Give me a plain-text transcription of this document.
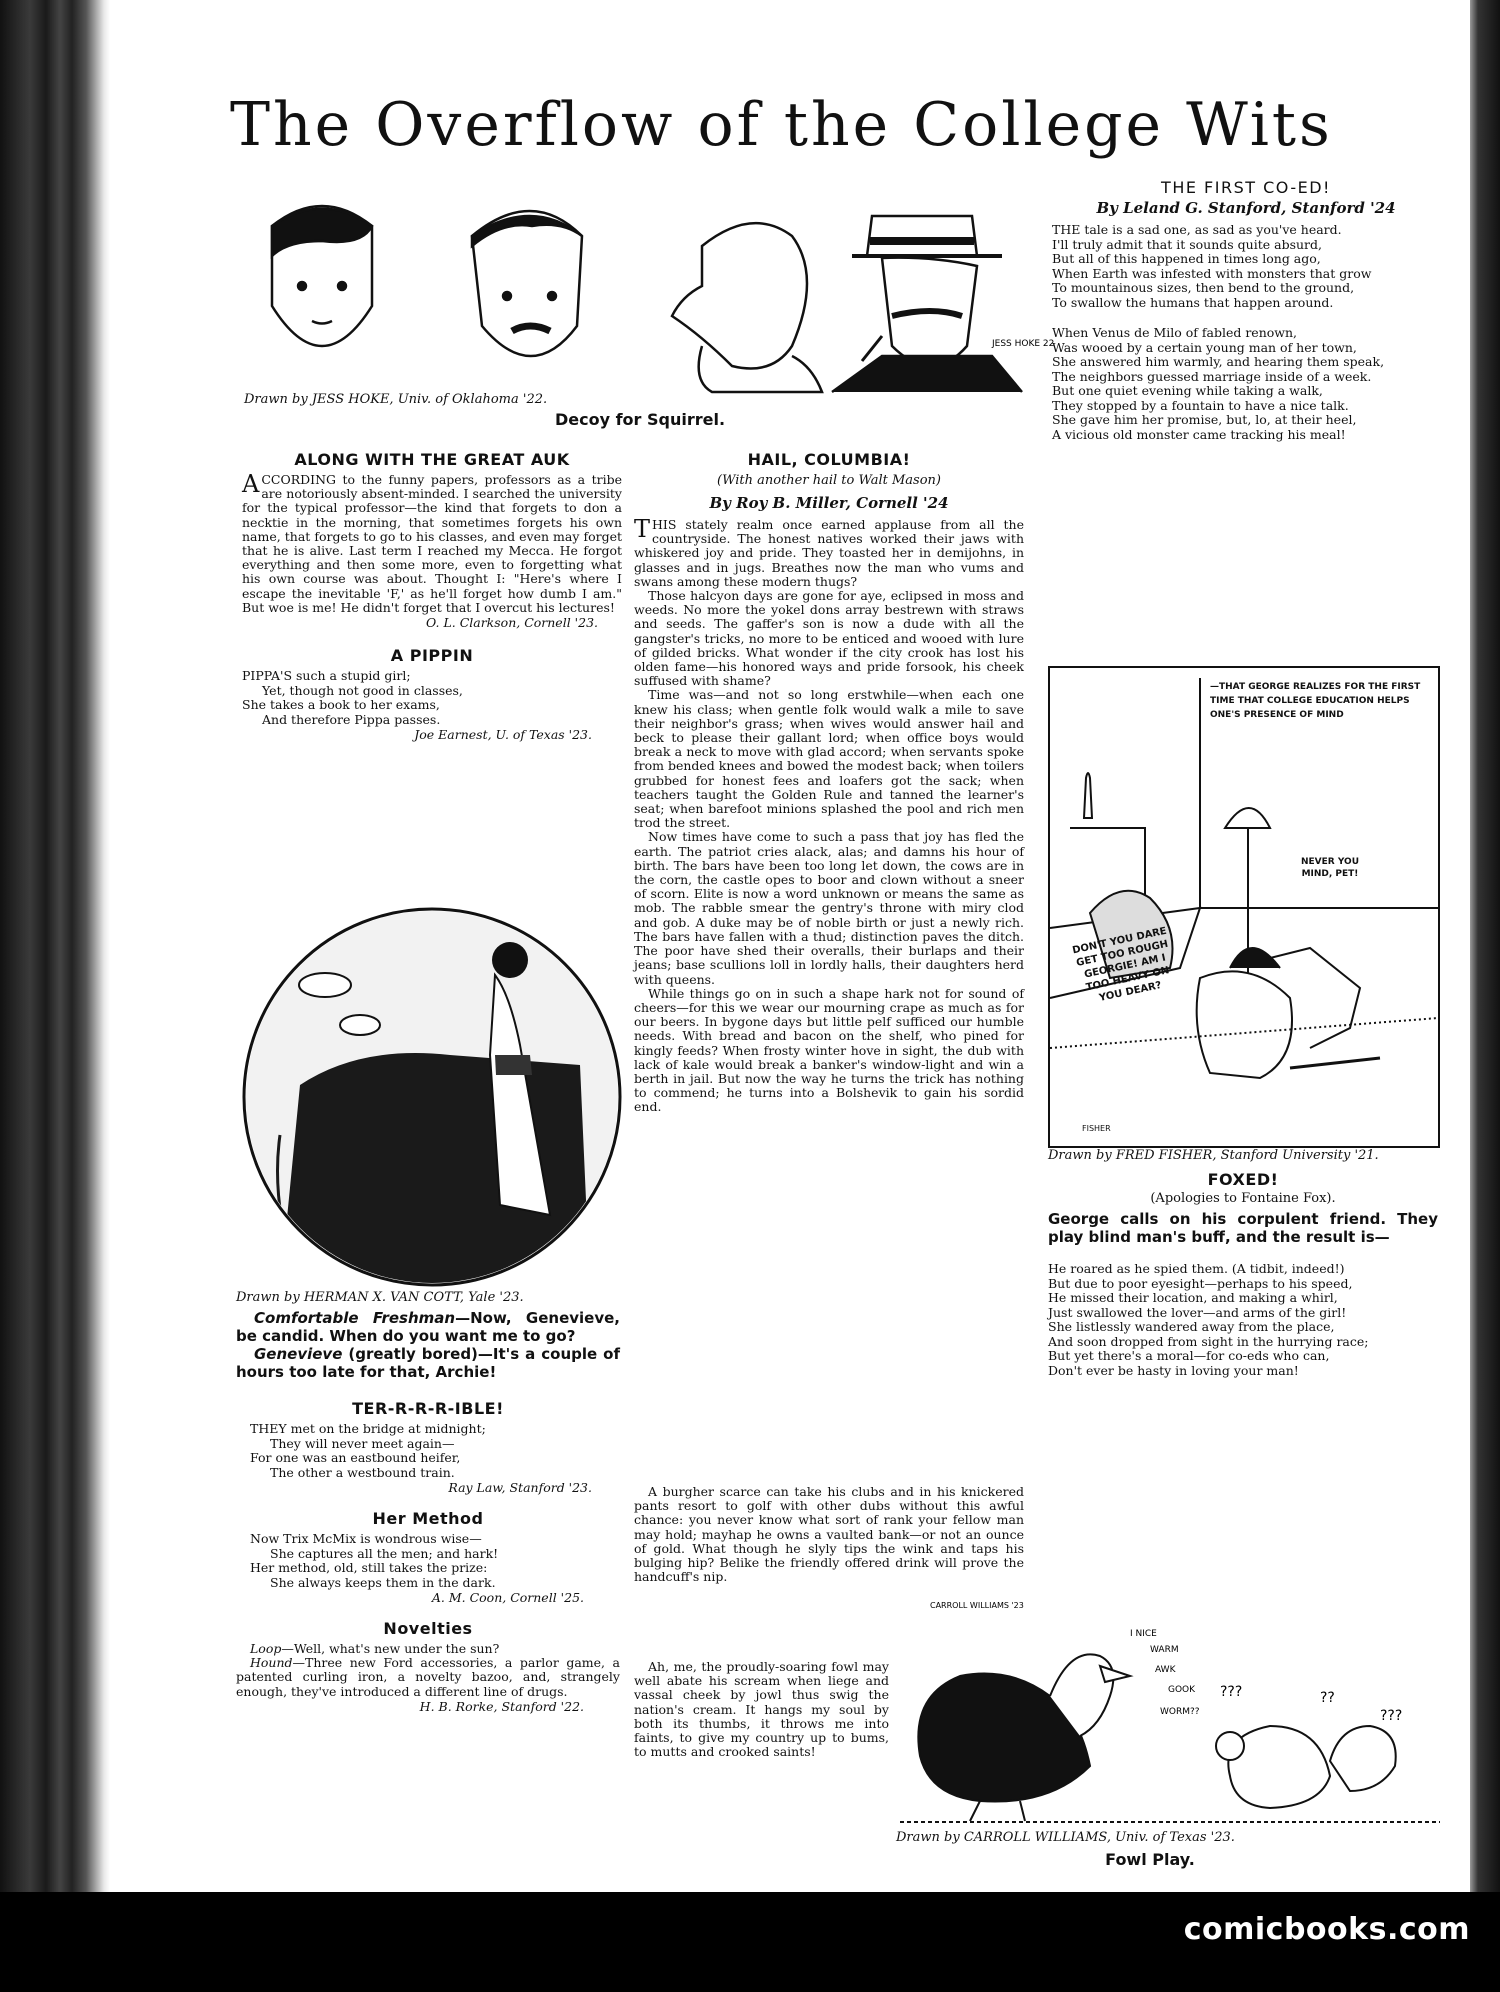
The Overflow of the College Wits
JESS HOKE 22
Drawn by JESS HOKE, Univ. of Oklahoma '22.
Decoy for Squirrel.
ALONG WITH THE GREAT AUK

ACCORDING to the funny papers, professors as a tribe are notoriously absent-minded. I searched the university for the typical professor—the kind that forgets to don a necktie in the morning, that sometimes forgets his own name, that forgets to go to his classes, and even may forget that he is alive. Last term I reached my Mecca. He forgot everything and then some more, even to forgetting what his own course was about. Thought I: "Here's where I escape the inevitable 'F,' as he'll forget how dumb I am." But woe is me! He didn't forget that I overcut his lectures!

O. L. Clarkson, Cornell '23.
A PIPPIN
PIPPA'S such a stupid girl;
Yet, though not good in classes,
She takes a book to her exams,
And therefore Pippa passes.
Joe Earnest, U. of Texas '23.
Drawn by HERMAN X. VAN COTT, Yale '23.
Comfortable Freshman—Now, Genevieve, be candid. When do you want me to go?
Genevieve (greatly bored)—It's a couple of hours too late for that, Archie!
TER-R-R-R-IBLE!
THEY met on the bridge at midnight;
They will never meet again—
For one was an eastbound heifer,
The other a westbound train.
Ray Law, Stanford '23.
Her Method
Now Trix McMix is wondrous wise—
She captures all the men; and hark!
Her method, old, still takes the prize:
She always keeps them in the dark.
A. M. Coon, Cornell '25.
Novelties
Loop—Well, what's new under the sun?
Hound—Three new Ford accessories, a parlor game, a patented curling iron, a novelty bazoo, and, strangely enough, they've introduced a different line of drugs.
H. B. Rorke, Stanford '22.
HAIL, COLUMBIA!
(With another hail to Walt Mason)
By Roy B. Miller, Cornell '24

THIS stately realm once earned applause from all the countryside. The honest natives worked their jaws with whiskered joy and pride. They toasted her in demijohns, in glasses and in jugs. Breathes now the man who vums and swans among these modern thugs?

Those halcyon days are gone for aye, eclipsed in moss and weeds. No more the yokel dons array bestrewn with straws and seeds. The gaffer's son is now a dude with all the gangster's tricks, no more to be enticed and wooed with lure of gilded bricks. What wonder if the city crook has lost his olden fame—his honored ways and pride forsook, his cheek suffused with shame?

Time was—and not so long erstwhile—when each one knew his class; when gentle folk would walk a mile to save their neighbor's grass; when wives would answer hail and beck to please their gallant lord; when office boys would break a neck to move with glad accord; when servants spoke from bended knees and bowed the modest back; when toilers grubbed for honest fees and loafers got the sack; when teachers taught the Golden Rule and tanned the learner's seat; when barefoot minions splashed the pool and rich men trod the street.

Now times have come to such a pass that joy has fled the earth. The patriot cries alack, alas; and damns his hour of birth. The bars have been too long let down, the cows are in the corn, the castle opes to boor and clown without a sneer of scorn. Elite is now a word unknown or means the same as mob. The rabble smear the gentry's throne with miry clod and gob. A duke may be of noble birth or just a newly rich. The bars have fallen with a thud; distinction paves the ditch. The poor have shed their overalls, their burlaps and their jeans; base scullions loll in lordly halls, their daughters herd with queens.

While things go on in such a shape hark not for sound of cheers—for this we wear our mourning crape as much as for our beers. In bygone days but little pelf sufficed our humble needs. With bread and bacon on the shelf, who pined for kingly feeds? When frosty winter hove in sight, the dub with lack of kale would break a banker's window-light and win a berth in jail. But now the way he turns the trick has nothing to commend; he turns into a Bolshevik to gain his sordid end.

A burgher scarce can take his clubs and in his knickered pants resort to golf with other dubs without this awful chance: you never know what sort of rank your fellow man may hold; mayhap he owns a vaulted bank—or not an ounce of gold. What though he slyly tips the wink and taps his bulging hip? Belike the friendly offered drink will prove the handcuff's nip.

Ah, me, the proudly-soaring fowl may well abate his scream when liege and vassal cheek by jowl thus swig the nation's cream. It hangs my soul by both its thumbs, it throws me into faints, to give my country up to bums, to mutts and crooked saints!

THE FIRST CO-ED!
By Leland G. Stanford, Stanford '24
THE tale is a sad one, as sad as you've heard.
I'll truly admit that it sounds quite absurd,
But all of this happened in times long ago,
When Earth was infested with monsters that grow
To mountainous sizes, then bend to the ground,
To swallow the humans that happen around.
When Venus de Milo of fabled renown,
Was wooed by a certain young man of her town,
She answered him warmly, and hearing them speak,
The neighbors guessed marriage inside of a week.
But one quiet evening while taking a walk,
They stopped by a fountain to have a nice talk.
She gave him her promise, but, lo, at their heel,
A vicious old monster came tracking his meal!
—THAT GEORGE REALIZES FOR THE FIRST TIME THAT COLLEGE EDUCATION HELPS ONE'S PRESENCE OF MIND
NEVER YOU MIND, PET!
DON'T YOU DARE GET TOO ROUGH GEORGIE! AM I TOO HEAVY ON YOU DEAR?
FISHER
Drawn by FRED FISHER, Stanford University '21.
FOXED!
(Apologies to Fontaine Fox).
George calls on his corpulent friend. They play blind man's buff, and the result is—
He roared as he spied them. (A tidbit, indeed!)
But due to poor eyesight—perhaps to his speed,
He missed their location, and making a whirl,
Just swallowed the lover—and arms of the girl!
She listlessly wandered away from the place,
And soon dropped from sight in the hurrying race;
But yet there's a moral—for co-eds who can,
Don't ever be hasty in loving your man!
I NICE
WARM
AWK
GOOK
WORM??
???	??
???
CARROLL WILLIAMS '23
Drawn by CARROLL WILLIAMS, Univ. of Texas '23.
Fowl Play.
comicbooks.com
